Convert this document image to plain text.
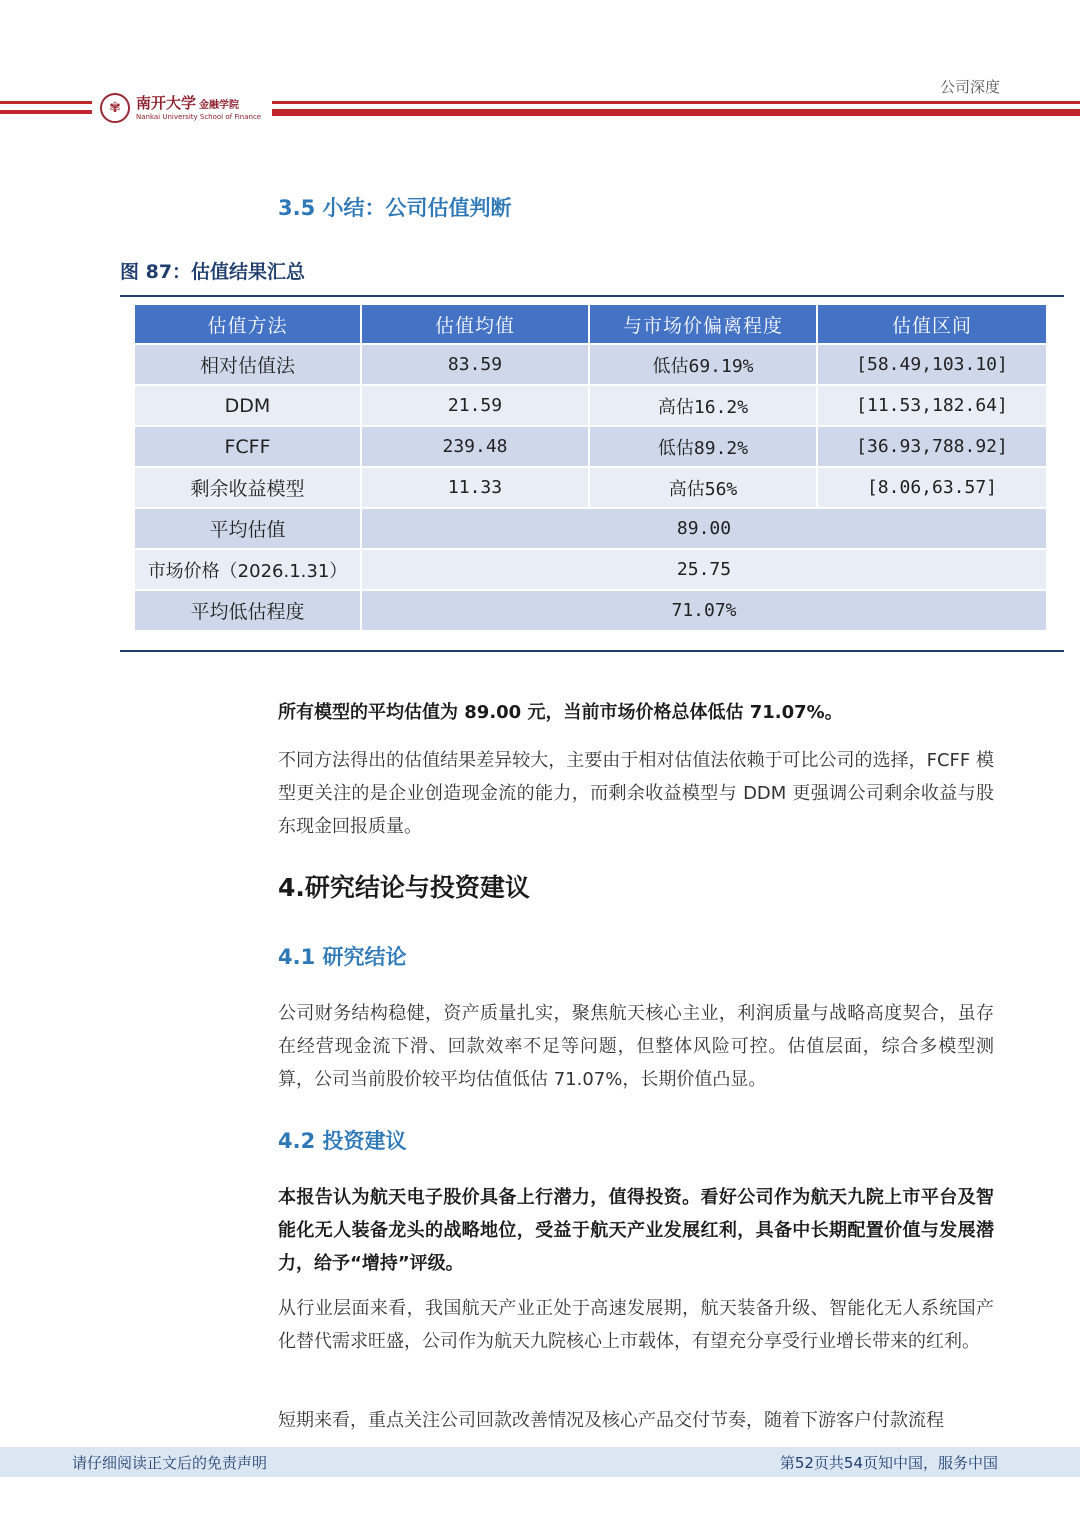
公司深度
✾	南开大学 金融学院
Nankai University School of Finance
3.5 小结：公司估值判断
图 87：估值结果汇总
估值方法	估值均值	与市场价偏离程度	估值区间
相对估值法	83.59	低估69.19%	[58.49,103.10]
DDM	21.59	高估16.2%	[11.53,182.64]
FCFF	239.48	低估89.2%	[36.93,788.92]
剩余收益模型	11.33	高估56%	[8.06,63.57]
平均估值	89.00		
市场价格（2026.1.31）	25.75		
平均低估程度	71.07%		
所有模型的平均估值为 89.00 元，当前市场价格总体低估 71.07%。
不同方法得出的估值结果差异较大，主要由于相对估值法依赖于可比公司的选择，FCFF 模型更关注的是企业创造现金流的能力，而剩余收益模型与 DDM 更强调公司剩余收益与股东现金回报质量。
4.研究结论与投资建议
4.1 研究结论
公司财务结构稳健，资产质量扎实，聚焦航天核心主业，利润质量与战略高度契合，虽存在经营现金流下滑、回款效率不足等问题，但整体风险可控。估值层面，综合多模型测算，公司当前股价较平均估值低估 71.07%，长期价值凸显。
4.2 投资建议
本报告认为航天电子股价具备上行潜力，值得投资。看好公司作为航天九院上市平台及智能化无人装备龙头的战略地位，受益于航天产业发展红利，具备中长期配置价值与发展潜力，给予“增持”评级。
从行业层面来看，我国航天产业正处于高速发展期，航天装备升级、智能化无人系统国产化替代需求旺盛，公司作为航天九院核心上市载体，有望充分享受行业增长带来的红利。
短期来看，重点关注公司回款改善情况及核心产品交付节奏，随着下游客户付款流程
请仔细阅读正文后的免责声明	第52页共54页知中国，服务中国
